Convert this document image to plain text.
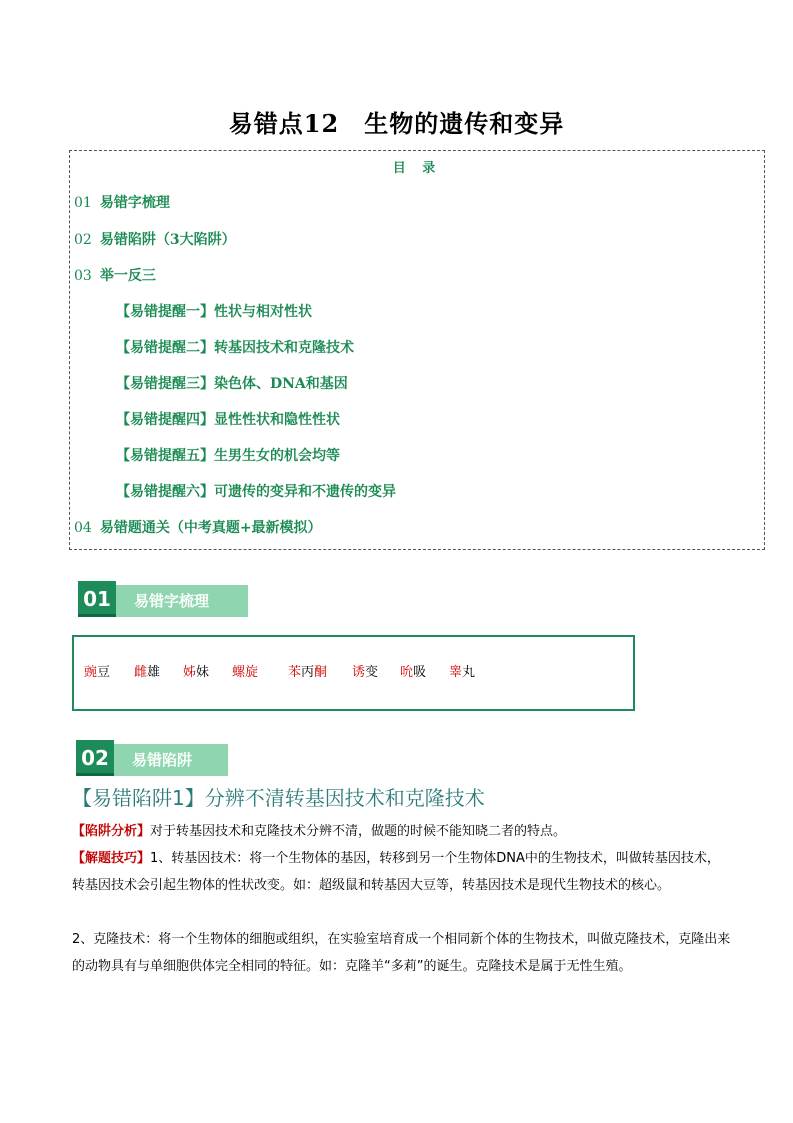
易错点12　生物的遗传和变异
目 录
01 易错字梳理
02 易错陷阱（3大陷阱）
03 举一反三
【易错提醒一】性状与相对性状
【易错提醒二】转基因技术和克隆技术
【易错提醒三】染色体、DNA和基因
【易错提醒四】显性性状和隐性性状
【易错提醒五】生男生女的机会均等
【易错提醒六】可遗传的变异和不遗传的变异
04 易错题通关（中考真题+最新模拟）
01	易错字梳理
豌豆 雌雄 姊妹 螺旋 苯丙酮 诱变 吮吸 睾丸
02	易错陷阱
【易错陷阱1】分辨不清转基因技术和克隆技术
【陷阱分析】对于转基因技术和克隆技术分辨不清，做题的时候不能知晓二者的特点。
【解题技巧】1、转基因技术：将一个生物体的基因，转移到另一个生物体DNA中的生物技术，叫做转基因技术，转基因技术会引起生物体的性状改变。如：超级鼠和转基因大豆等，转基因技术是现代生物技术的核心。
2、克隆技术：将一个生物体的细胞或组织，在实验室培育成一个相同新个体的生物技术，叫做克隆技术，克隆出来的动物具有与单细胞供体完全相同的特征。如：克隆羊“多莉”的诞生。克隆技术是属于无性生殖。
